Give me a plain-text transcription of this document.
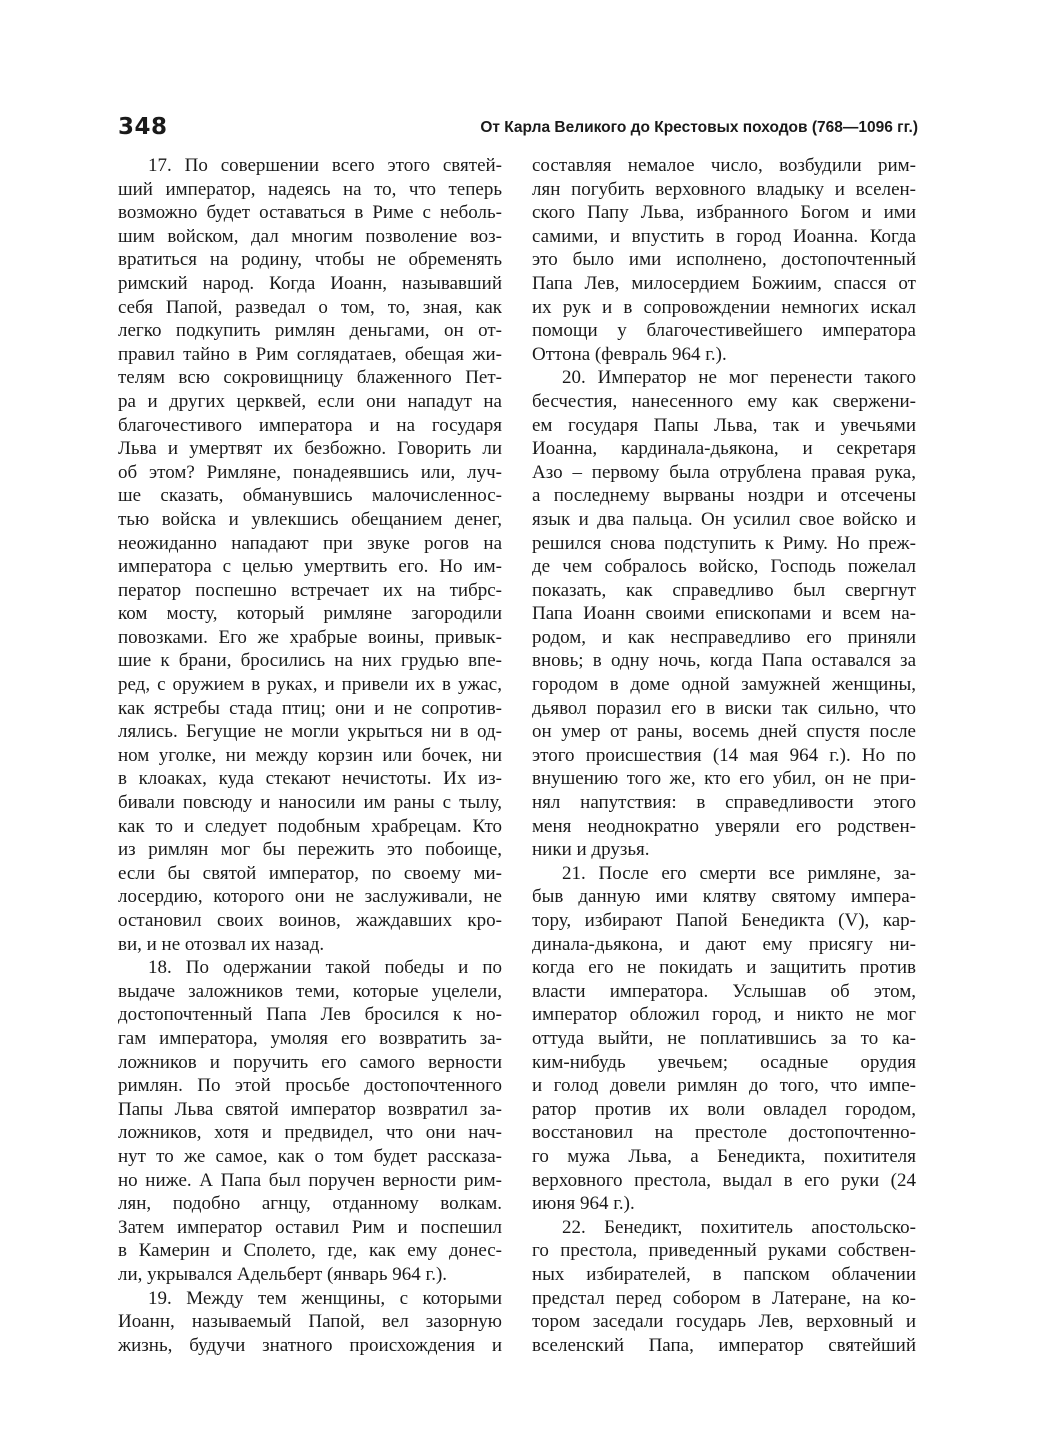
348	От Карла Великого до Крестовых походов (768—1096 гг.)
17. По совершении всего этого святей-
ший император, надеясь на то, что теперь
возможно будет оставаться в Риме с неболь-
шим войском, дал многим позволение воз-
вратиться на родину, чтобы не обременять
римский народ. Когда Иоанн, называвший
себя Папой, разведал о том, то, зная, как
легко подкупить римлян деньгами, он от-
правил тайно в Рим соглядатаев, обещая жи-
телям всю сокровищницу блаженного Пет-
ра и других церквей, если они нападут на
благочестивого императора и на государя
Льва и умертвят их безбожно. Говорить ли
об этом? Римляне, понадеявшись или, луч-
ше сказать, обманувшись малочисленнос-
тью войска и увлекшись обещанием денег,
неожиданно нападают при звуке рогов на
императора с целью умертвить его. Но им-
ператор поспешно встречает их на тибрс-
ком мосту, который римляне загородили
повозками. Его же храбрые воины, привык-
шие к брани, бросились на них грудью впе-
ред, с оружием в руках, и привели их в ужас,
как ястребы стада птиц; они и не сопротив-
лялись. Бегущие не могли укрыться ни в од-
ном уголке, ни между корзин или бочек, ни
в клоаках, куда стекают нечистоты. Их из-
бивали повсюду и наносили им раны с тылу,
как то и следует подобным храбрецам. Кто
из римлян мог бы пережить это побоище,
если бы святой император, по своему ми-
лосердию, которого они не заслуживали, не
остановил своих воинов, жаждавших кро-
ви, и не отозвал их назад.
18. По одержании такой победы и по
выдаче заложников теми, которые уцелели,
достопочтенный Папа Лев бросился к но-
гам императора, умоляя его возвратить за-
ложников и поручить его самого верности
римлян. По этой просьбе достопочтенного
Папы Льва святой император возвратил за-
ложников, хотя и предвидел, что они нач-
нут то же самое, как о том будет рассказа-
но ниже. А Папа был поручен верности рим-
лян, подобно агнцу, отданному волкам.
Затем император оставил Рим и поспешил
в Камерин и Сполето, где, как ему донес-
ли, укрывался Адельберт (январь 964 г.).
19. Между тем женщины, с которыми
Иоанн, называемый Папой, вел зазорную
жизнь, будучи знатного происхождения и
составляя немалое число, возбудили рим-
лян погубить верховного владыку и вселен-
ского Папу Льва, избранного Богом и ими
самими, и впустить в город Иоанна. Когда
это было ими исполнено, достопочтенный
Папа Лев, милосердием Божиим, спасся от
их рук и в сопровождении немногих искал
помощи у благочестивейшего императора
Оттона (февраль 964 г.).
20. Император не мог перенести такого
бесчестия, нанесенного ему как свержени-
ем государя Папы Льва, так и увечьями
Иоанна, кардинала-дьякона, и секретаря
Азо – первому была отрублена правая рука,
а последнему вырваны ноздри и отсечены
язык и два пальца. Он усилил свое войско и
решился снова подступить к Риму. Но преж-
де чем собралось войско, Господь пожелал
показать, как справедливо был свергнут
Папа Иоанн своими епископами и всем на-
родом, и как несправедливо его приняли
вновь; в одну ночь, когда Папа оставался за
городом в доме одной замужней женщины,
дьявол поразил его в виски так сильно, что
он умер от раны, восемь дней спустя после
этого происшествия (14 мая 964 г.). Но по
внушению того же, кто его убил, он не при-
нял напутствия: в справедливости этого
меня неоднократно уверяли его родствен-
ники и друзья.
21. После его смерти все римляне, за-
быв данную ими клятву святому импера-
тору, избирают Папой Бенедикта (V), кар-
динала-дьякона, и дают ему присягу ни-
когда его не покидать и защитить против
власти императора. Услышав об этом,
император обложил город, и никто не мог
оттуда выйти, не поплатившись за то ка-
ким-нибудь увечьем; осадные орудия
и голод довели римлян до того, что импе-
ратор против их воли овладел городом,
восстановил на престоле достопочтенно-
го мужа Льва, а Бенедикта, похитителя
верховного престола, выдал в его руки (24
июня 964 г.).
22. Бенедикт, похититель апостольско-
го престола, приведенный руками собствен-
ных избирателей, в папском облачении
предстал перед собором в Латеране, на ко-
тором заседали государь Лев, верховный и
вселенский Папа, император святейший
